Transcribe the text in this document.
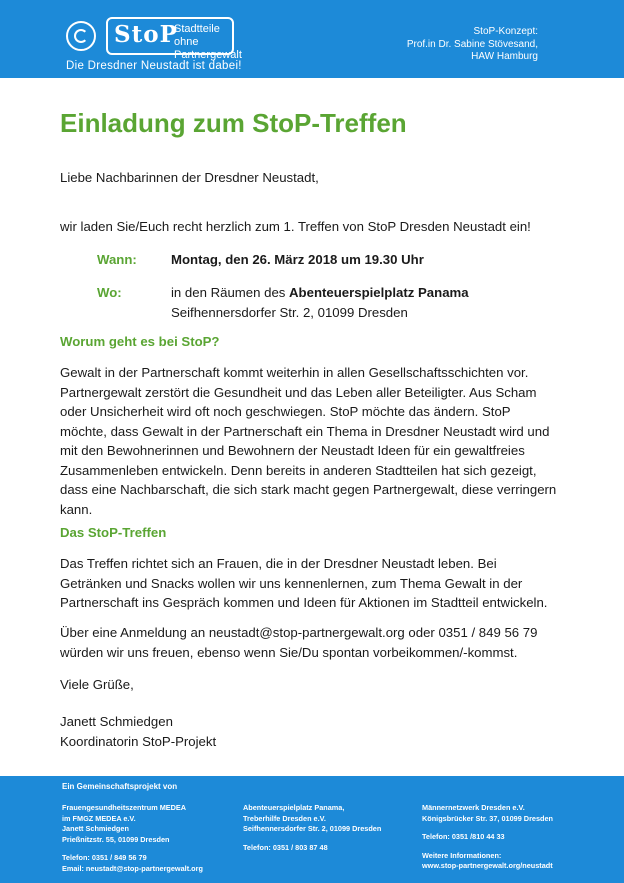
StoP
Stadtteile ohne
Partnergewalt
Die Dresdner Neustadt ist dabei!
StoP-Konzept:
Prof.in Dr. Sabine Stövesand,
HAW Hamburg
Einladung zum StoP-Treffen

Liebe Nachbarinnen der Dresdner Neustadt,

wir laden Sie/Euch recht herzlich zum 1. Treffen von StoP Dresden Neustadt ein!

Wann:	Montag, den 26. März 2018 um 19.30 Uhr
Wo:	in den Räumen des Abenteuerspielplatz Panama
Seifhennersdorfer Str. 2, 01099 Dresden
Worum geht es bei StoP?
Gewalt in der Partnerschaft kommt weiterhin in allen Gesellschaftsschichten vor.
Partnergewalt zerstört die Gesundheit und das Leben aller Beteiligter. Aus Scham
oder Unsicherheit wird oft noch geschwiegen. StoP möchte das ändern. StoP
möchte, dass Gewalt in der Partnerschaft ein Thema in Dresdner Neustadt wird und
mit den Bewohnerinnen und Bewohnern der Neustadt Ideen für ein gewaltfreies
Zusammenleben entwickeln. Denn bereits in anderen Stadtteilen hat sich gezeigt,
dass eine Nachbarschaft, die sich stark macht gegen Partnergewalt, diese verringern
kann.
Das StoP-Treffen
Das Treffen richtet sich an Frauen, die in der Dresdner Neustadt leben. Bei
Getränken und Snacks wollen wir uns kennenlernen, zum Thema Gewalt in der
Partnerschaft ins Gespräch kommen und Ideen für Aktionen im Stadtteil entwickeln.
Über eine Anmeldung an neustadt@stop-partnergewalt.org oder 0351 / 849 56 79
würden wir uns freuen, ebenso wenn Sie/Du spontan vorbeikommen/-kommst.

Viele Grüße,

Janett Schmiedgen
Koordinatorin StoP-Projekt
Ein Gemeinschaftsprojekt von

Frauengesundheitszentrum MEDEA

im FMGZ MEDEA e.V.

Janett Schmiedgen

Prießnitzstr. 55, 01099 Dresden

Telefon: 0351 / 849 56 79

Email: neustadt@stop-partnergewalt.org

Abenteuerspielplatz Panama,

Treberhilfe Dresden e.V.

Seifhennersdorfer Str. 2, 01099 Dresden

Telefon: 0351 / 803 87 48

Männernetzwerk Dresden e.V.

Königsbrücker Str. 37, 01099 Dresden

Telefon: 0351 /810 44 33

Weitere Informationen:

www.stop-partnergewalt.org/neustadt
